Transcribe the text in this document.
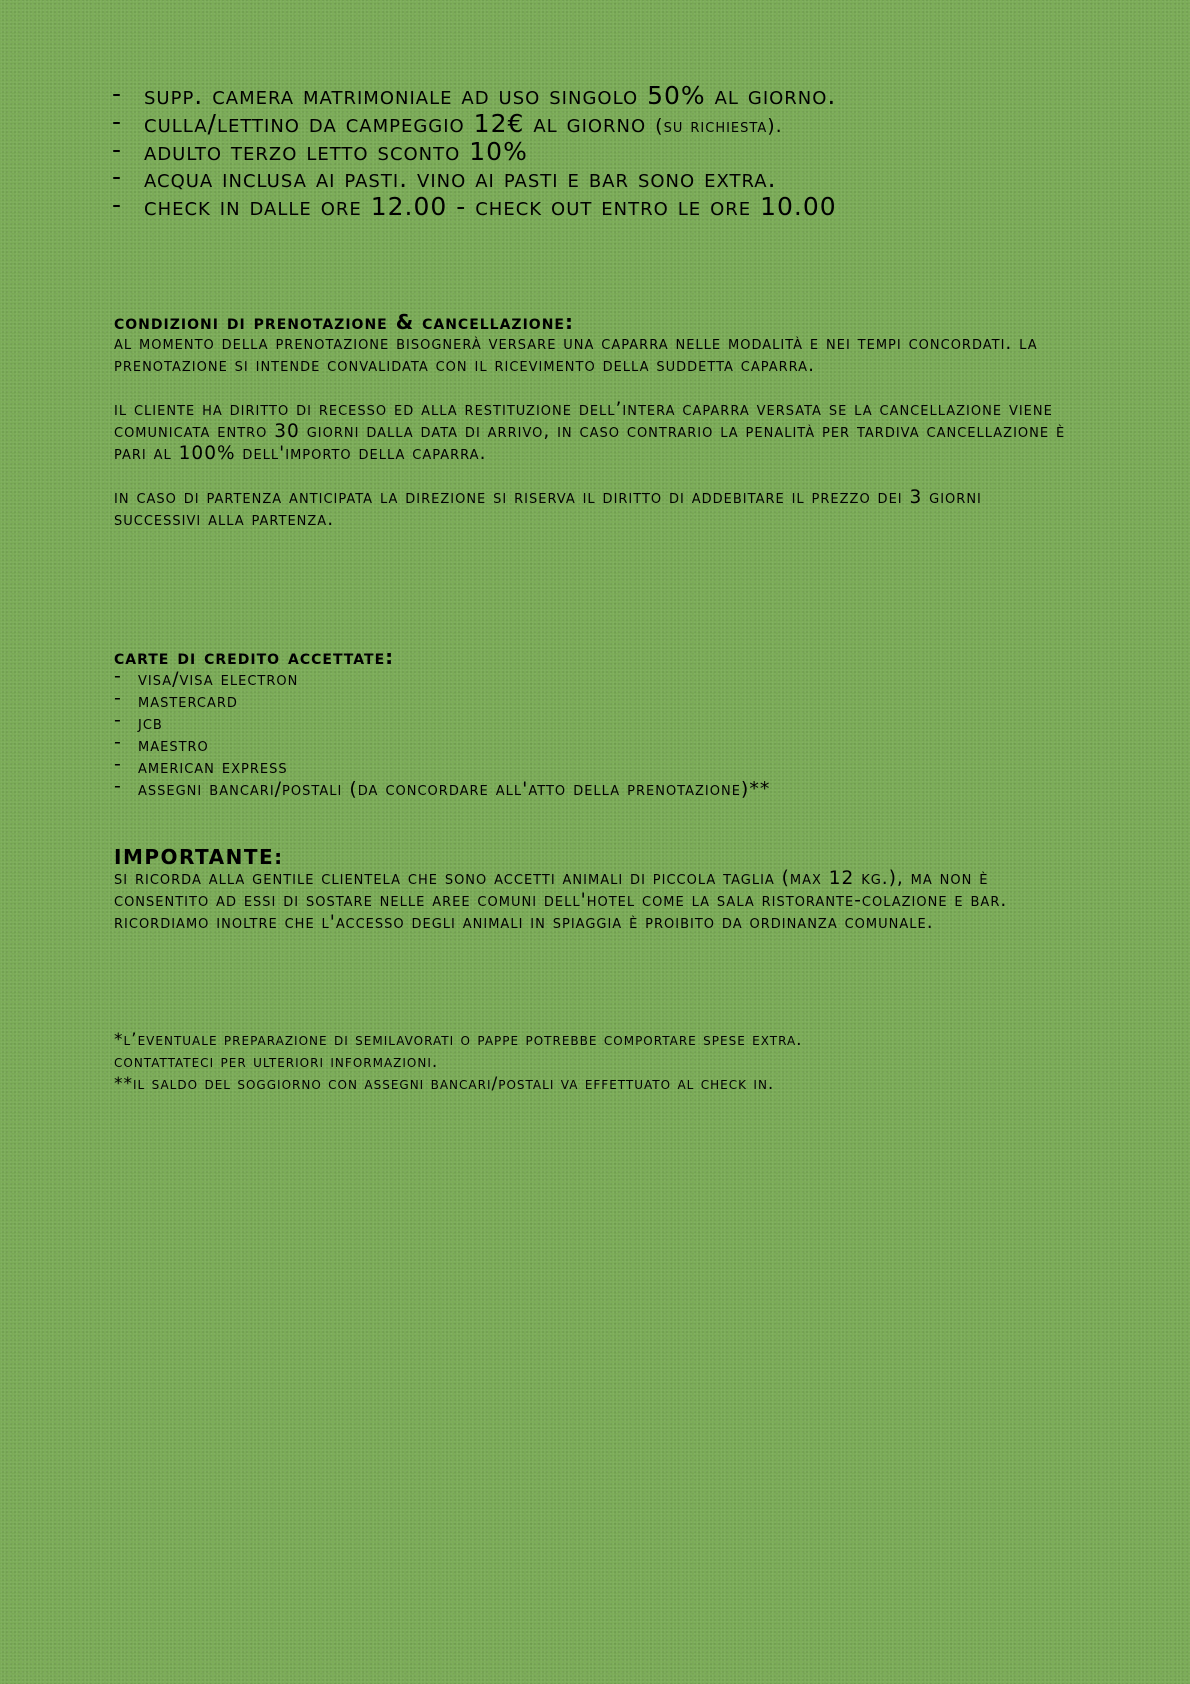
- supp. camera matrimoniale ad uso singolo 50% al giorno.
- culla/lettino da campeggio 12€ al giorno (su richiesta).
- adulto terzo letto sconto 10%
- acqua inclusa ai pasti. vino ai pasti e bar sono extra.
- check in dalle ore 12.00 - check out entro le ore 10.00

condizioni di prenotazione & cancellazione:

al momento della prenotazione bisognerà versare una caparra nelle modalità e nei tempi concordati. la prenotazione si intende convalidata con il ricevimento della suddetta caparra.

il cliente ha diritto di recesso ed alla restituzione dell’intera caparra versata se la cancellazione viene comunicata entro 30 giorni dalla data di arrivo, in caso contrario la penalità per tardiva cancellazione è pari al 100% dell'importo della caparra.

in caso di partenza anticipata la direzione si riserva il diritto di addebitare il prezzo dei 3 giorni successivi alla partenza.

carte di credito accettate:

- visa/visa electron
- mastercard
- jcb
- maestro
- american express
- assegni bancari/postali (da concordare all'atto della prenotazione)**

IMPORTANTE:

si ricorda alla gentile clientela che sono accetti animali di piccola taglia (max 12 kg.), ma non è consentito ad essi di sostare nelle aree comuni dell'hotel come la sala ristorante-colazione e bar. ricordiamo inoltre che l'accesso degli animali in spiaggia è proibito da ordinanza comunale.

*l’eventuale preparazione di semilavorati o pappe potrebbe comportare spese extra.

contattateci per ulteriori informazioni.

**il saldo del soggiorno con assegni bancari/postali va effettuato al check in.
